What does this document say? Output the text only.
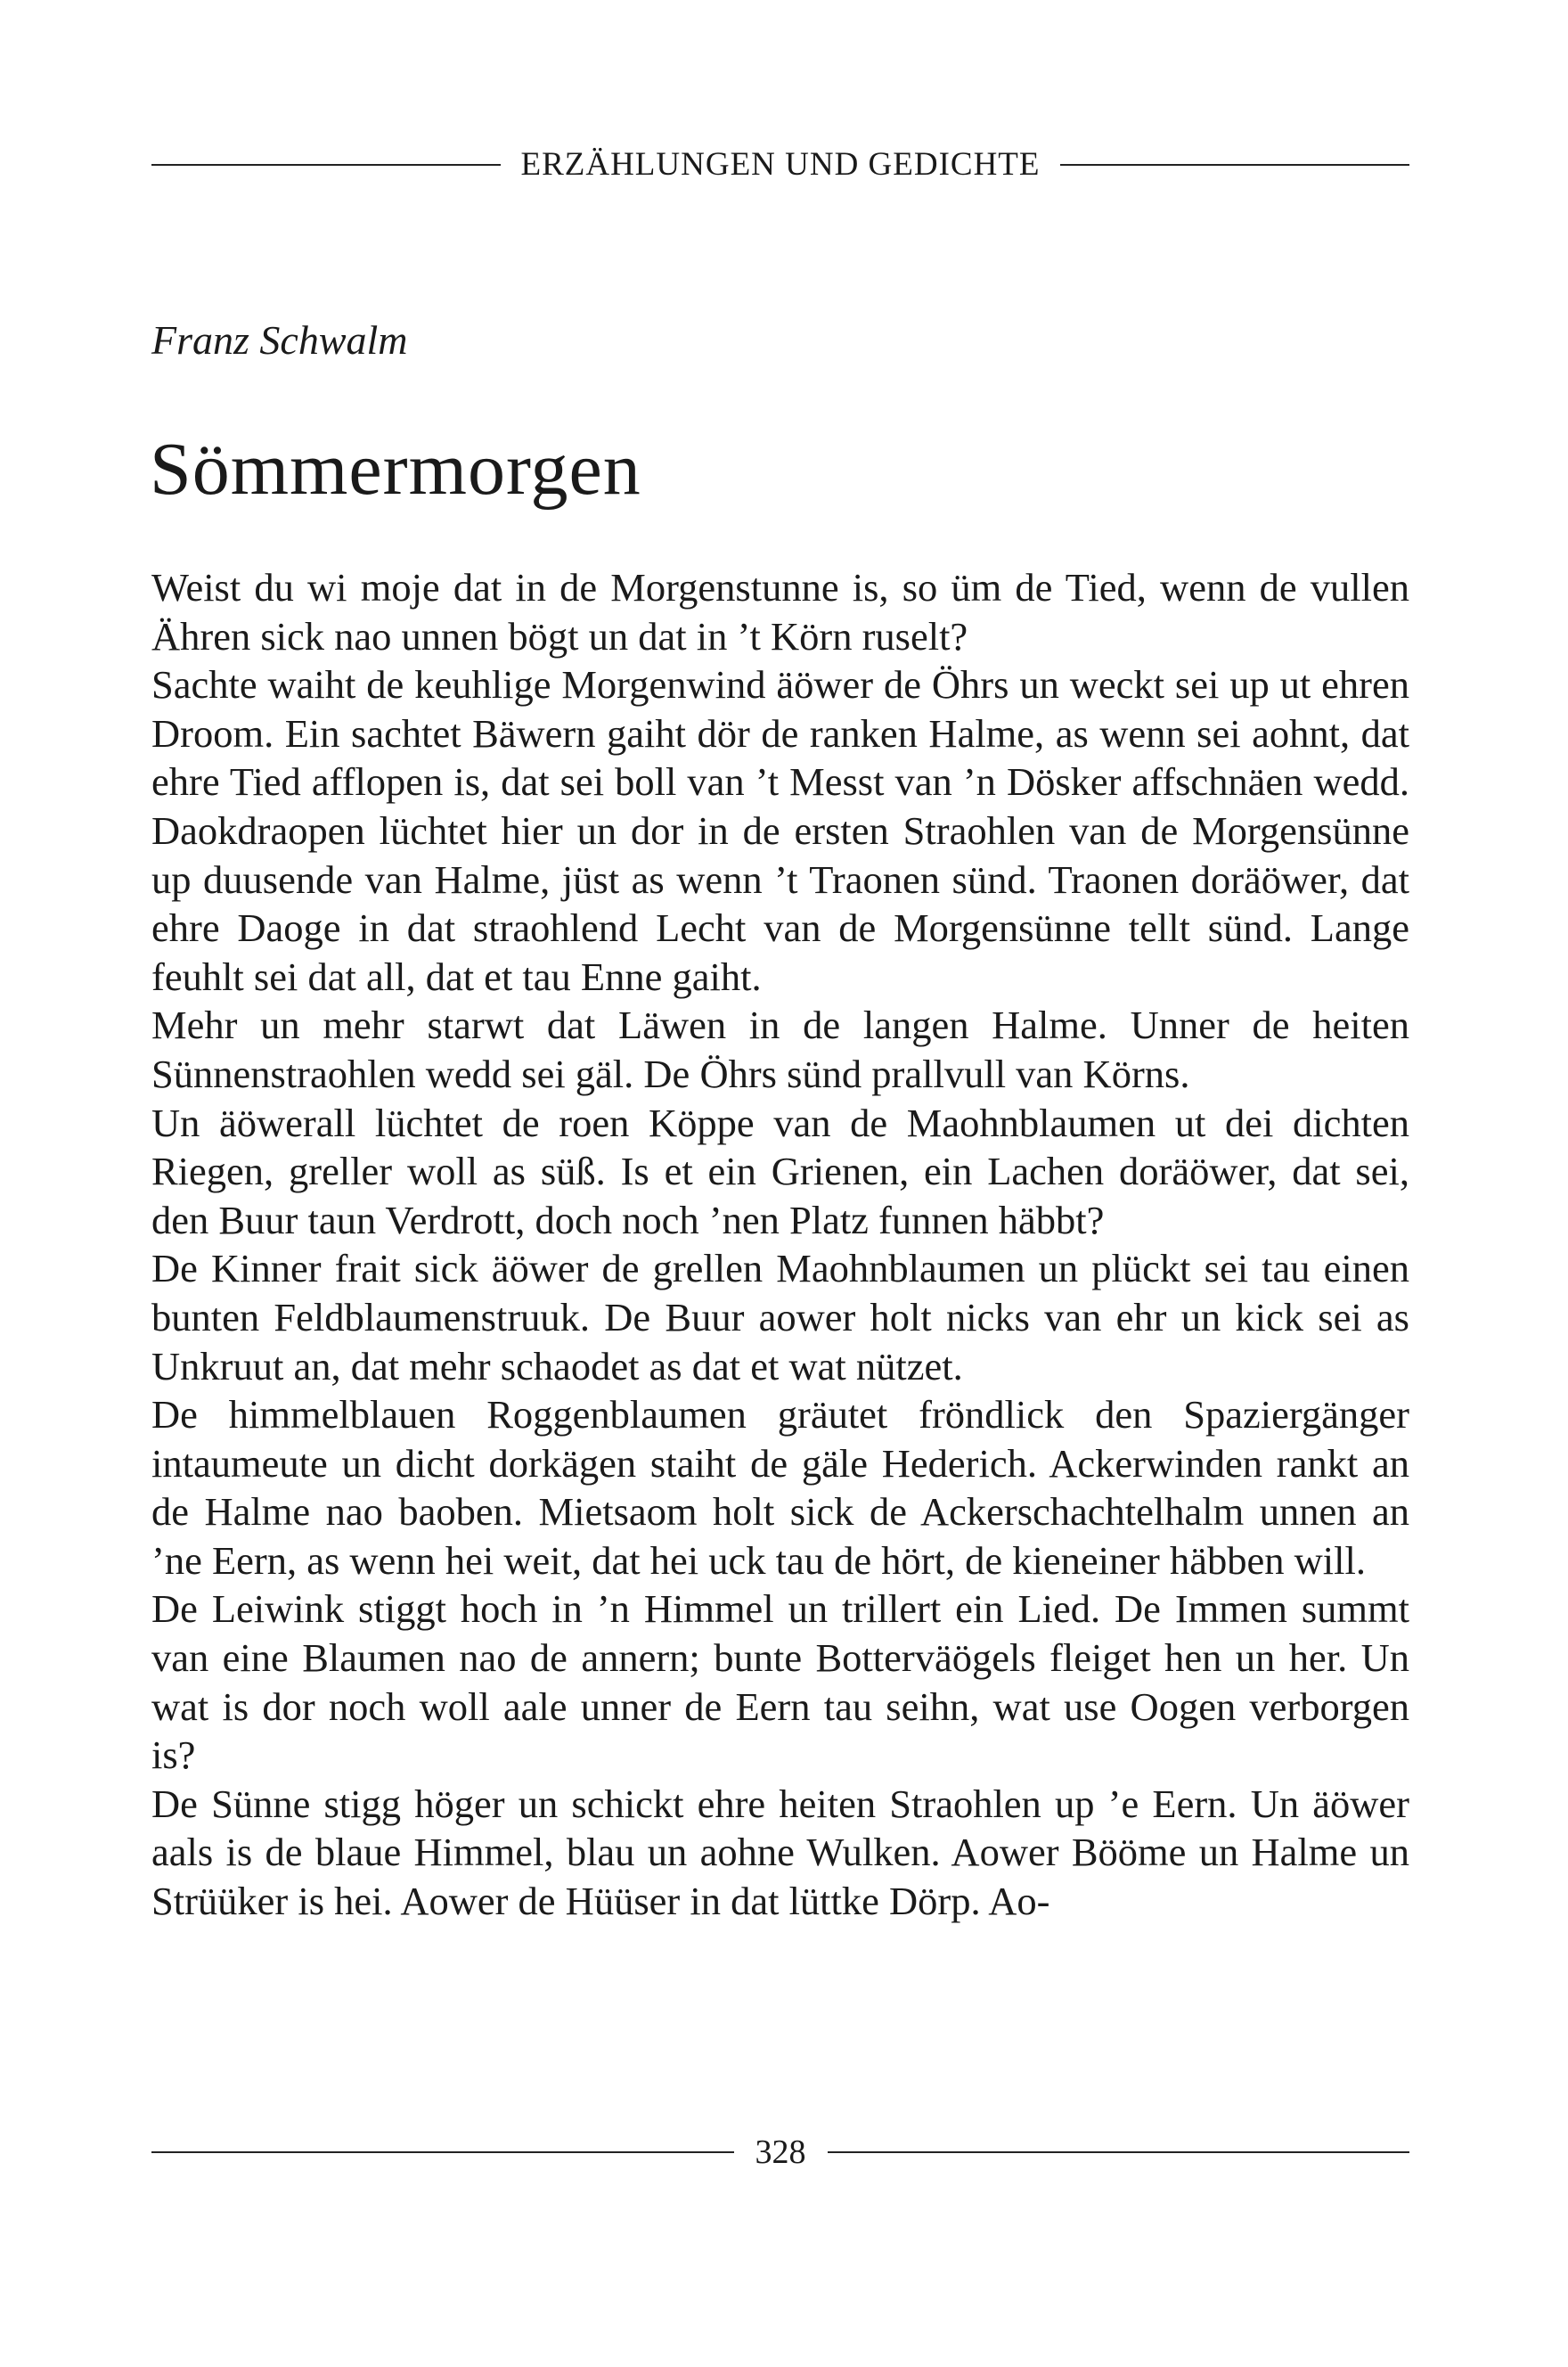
ERZÄHLUNGEN UND GEDICHTE
Franz Schwalm
Sömmermorgen

Weist du wi moje dat in de Morgenstunne is, so üm de Tied, wenn de vullen Ähren sick nao unnen bögt un dat in ’t Körn ruselt?

Sachte waiht de keuhlige Morgenwind äöwer de Öhrs un weckt sei up ut ehren Droom. Ein sachtet Bäwern gaiht dör de ranken Halme, as wenn sei aohnt, dat ehre Tied afflopen is, dat sei boll van ’t Messt van ’n Dösker affschnäen wedd. Daokdraopen lüchtet hier un dor in de ersten Straohlen van de Morgensünne up duusende van Halme, jüst as wenn ’t Traonen sünd. Traonen doräöwer, dat ehre Daoge in dat straohlend Lecht van de Morgensünne tellt sünd. Lange feuhlt sei dat all, dat et tau Enne gaiht.

Mehr un mehr starwt dat Läwen in de langen Halme. Unner de heiten Sünnenstraohlen wedd sei gäl. De Öhrs sünd prallvull van Körns.

Un äöwerall lüchtet de roen Köppe van de Maohnblaumen ut dei dichten Riegen, greller woll as süß. Is et ein Grienen, ein Lachen doräöwer, dat sei, den Buur taun Verdrott, doch noch ’nen Platz funnen häbbt?

De Kinner frait sick äöwer de grellen Maohnblaumen un plückt sei tau einen bunten Feldblaumenstruuk. De Buur aower holt nicks van ehr un kick sei as Unkruut an, dat mehr schaodet as dat et wat nützet.

De himmelblauen Roggenblaumen gräutet fröndlick den Spaziergänger intaumeute un dicht dorkägen staiht de gäle Hederich. Ackerwinden rankt an de Halme nao baoben. Mietsaom holt sick de Ackerschachtelhalm unnen an ’ne Eern, as wenn hei weit, dat hei uck tau de hört, de kieneiner häbben will.

De Leiwink stiggt hoch in ’n Himmel un trillert ein Lied. De Immen summt van eine Blaumen nao de annern; bunte Botterväögels fleiget hen un her. Un wat is dor noch woll aale unner de Eern tau seihn, wat use Oogen verborgen is?

De Sünne stigg höger un schickt ehre heiten Straohlen up ’e Eern. Un äöwer aals is de blaue Himmel, blau un aohne Wulken. Aower Bööme un Halme un Strüüker is hei. Aower de Hüüser in dat lüttke Dörp. Ao-

328
